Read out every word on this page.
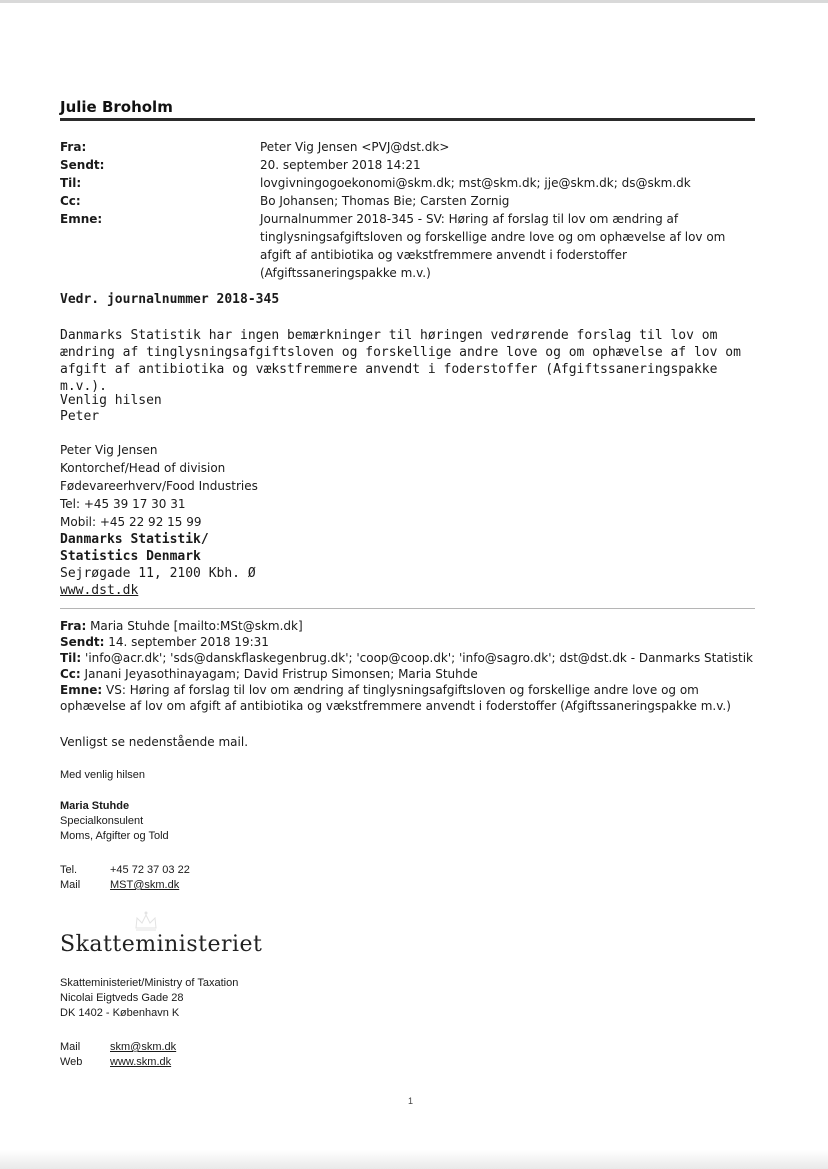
Julie Broholm
Fra:	Peter Vig Jensen <PVJ@dst.dk>
Sendt:	20. september 2018 14:21
Til:	lovgivningogoekonomi@skm.dk; mst@skm.dk; jje@skm.dk; ds@skm.dk
Cc:	Bo Johansen; Thomas Bie; Carsten Zornig
Emne:	Journalnummer 2018-345 - SV: Høring af forslag til lov om ændring af tinglysningsafgiftsloven og forskellige andre love og om ophævelse af lov om afgift af antibiotika og vækstfremmere anvendt i foderstoffer (Afgiftssaneringspakke m.v.)
Vedr. journalnummer 2018-345
Danmarks Statistik har ingen bemærkninger til høringen vedrørende forslag til lov om ændring af tinglysningsafgiftsloven og forskellige andre love og om ophævelse af lov om afgift af antibiotika og vækstfremmere anvendt i foderstoffer (Afgiftssaneringspakke m.v.).
Venlig hilsen
Peter
Peter Vig Jensen
Kontorchef/Head of division
Fødevareerhverv/Food Industries
Tel: +45 39 17 30 31
Mobil: +45 22 92 15 99
Danmarks Statistik/
Statistics Denmark
Sejrøgade 11, 2100 Kbh. Ø
www.dst.dk
Fra: Maria Stuhde [mailto:MSt@skm.dk]
Sendt: 14. september 2018 19:31
Til: 'info@acr.dk'; 'sds@danskflaskegenbrug.dk'; 'coop@coop.dk'; 'info@sagro.dk'; dst@dst.dk - Danmarks Statistik
Cc: Janani Jeyasothinayagam; David Fristrup Simonsen; Maria Stuhde
Emne: VS: Høring af forslag til lov om ændring af tinglysningsafgiftsloven og forskellige andre love og om ophævelse af lov om afgift af antibiotika og vækstfremmere anvendt i foderstoffer (Afgiftssaneringspakke m.v.)
Venligst se nedenstående mail.
Med venlig hilsen
Maria Stuhde
Specialkonsulent
Moms, Afgifter og Told
Tel.	+45 72 37 03 22
Mail	MST@skm.dk
Skatteministeriet
Skatteministeriet/Ministry of Taxation
Nicolai Eigtveds Gade 28
DK 1402 - København K
Mail	skm@skm.dk
Web	www.skm.dk
1
